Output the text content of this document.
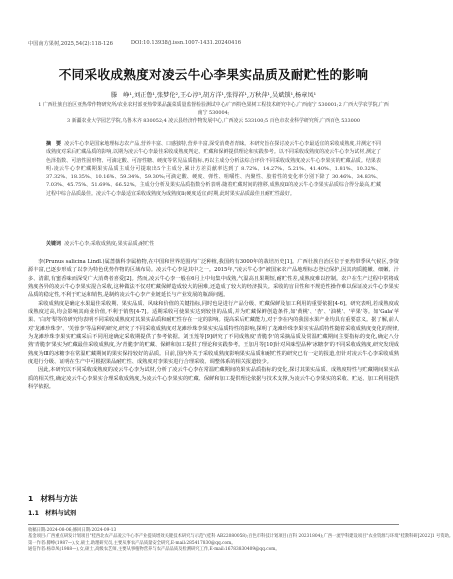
中国南方果树,2025,54(2):118-126	DOI:10.13938/j.issn.1007-1431.20240416
不同采收成熟度对凌云牛心李果实品质及耐贮性的影响
滕　峥¹,刘正鲁¹,张梦伦²,王心淳³,胡方洋¹,张得祥¹,万秋萍¹,吴斌锁¹,杨章凤¹
1 广西壮族自治区亚热带作物研究所/农业农村部亚热带果品蔬菜质量监督检验测试中心/广西特色果树工程技术研究中心,广西南宁 530001;2 广西大学农学院,广西南宁 530004;
3 新疆农业大学园艺学院,乌鲁木齐 830052;4 凌云县经济作物发展中心,广西凌云 533100;5 百色市农业科学研究所,广西百色 533000
摘　要 凌云牛心李是国家地理标志农产品,营养丰富、口感独特,营养丰富,深受消费者青睐。本研究旨在探讨凌云牛心李最适宜的采收成熟度,并测定不同成熟度对采后贮藏品质的影响,以期为凌云牛心李最佳采收成熟度判定、贮藏和保鲜提供理论和实践参考。以不同采收成熟度的凌云牛心李为试材,测定了色泽指数、可溶性固形物、可滴定酸、可溶性糖、硬度等常见品质指标,再以主成分分析法综合评价不同采收成熟度凌云牛心李果实的贮藏品质。结果表明:凌云牛心李贮藏期果实品质主成分可提取出5个主成分,累计方差贡献率达到了 8.72%、14.27%、5.21%、41.40%、1.81%、10.32%、37.32%、18.35%、10.16%、59.34%、59.30%;可滴定酸、硬度、弹性、咀嚼性、内聚性、胶着性的变化率分别下降了 30.46%、34.83%、7.03%、45.75%、51.69%、66.52%。主成分分析及果实品质指数分析表明:随着贮藏时间的推移,成熟度Ⅱ的凌云牛心李果实品质综合得分最高,贮藏过程中综合品质最佳。凌云牛心李最适宜采收成熟度为成熟度Ⅱ(硬度适宜)时期,此时果实品质最佳且耐贮性最好。
关键词 凌云牛心李;采收成熟度;果实品质;耐贮性

李(Prunus salicina Lindl.)属蔷薇科李属植物,在中国和世界范围内广泛种植,我国约有3000年的栽培历史[1]。广西壮族自治区位于亚热带季风气候区,李资源丰富,已逐步形成了以李为特色优势作物的区域布局。凌云牛心李是其中之一。2015年,"凌云牛心李"被国家农产品地理标志登记保护,因其肉质脆嫩、细嫩、汁多、清甜,有蜜香味而深受广大消费者喜爱[2]。然而,凌云牛心李一般在6月上中旬集中成熟,气温高且果期短,耐贮性差,成熟度难以控制。农户在生产过程中常将成熟度各异的凌云牛心李果实混合采收,这种做法不仅对贮藏保鲜造成较大的困难,还造成了较大的经济损失。采收的盲目性和不规范性操作难以保证凌云牛心李果实品质的稳定性,不利于贮运和销售,是制约凌云牛心李产业链延长与产业发展的瓶颈问题。

采收成熟度是确定水果最佳采收期、果实品质、风味和价值的关键指标,同时也是进行产品分级、贮藏保鲜及加工利用的重要依据[4-6]。研究表明,若成熟度或成熟度过高,均会影响其商业价值,不利于销售[4-7]。适期采收可使果实达到较佳的品质,并为贮藏保鲜创造条件,如'黄桃'、'杏'、'油桃'、'苹果'等。如'Gala'苹果、'白肉'梨等的研究均表明不同采收成熟度对其果实品质和耐贮性存在一定的影响。提高采后贮藏能力,对于李在内的我国水果产业均具有重要意义。据了解,前人对'龙滩珍珠李'、'芙蓉李'等品种的研究,研究了不同采收成熟度对龙滩珍珠李果实实品质特性的影响,探明了龙滩珍珠李果实实品质特性随着采收成熟度变化的规律,为龙滩珍珠李果实贮藏采后不同用途确定采收期提供了参考依据。刘玉莲等[9]研究了不同成熟度'青脆李'的采摘品质及常温贮藏期间主要指标的变化,确定八分熟'青脆李'果实为贮藏最佳采收成熟度,为'青脆李'的贮藏、保鲜和加工提供了理论和实践参考。王加月等[10]针对风味型品种'冰糖李'的不同采收成熟度,研究发现成熟度为Ⅲ的冰糖李在常温贮藏期间的果实保持较好的品质。目前,国内外关于采收成熟度影响果实品质和耐贮性的研究已有一定的报道,但针对凌云牛心李采收成熟度进行分级、证明在生产中可根据果品耐贮性、成熟度对李果实进行合理采收、调整体系的相关报道较少。

因此,本研究以不同采收成熟度的凌云牛心李为试材,分析了凌云牛心李在常温贮藏期间的果实品质指标的变化,探讨其果实品质、成熟度特性与贮藏期间果实品质的相关性,确定凌云牛心李果实合理采收成熟度,为凌云牛心李果实的贮藏、保鲜和加工提供理论依据与技术支撑,为凌云牛心李果实的采收、贮运、加工利用提供科学依据。

1　材料与方法
1.1　材料与试剂
收稿日期:2024-08-06;修回日期:2024-09-13
基金项目:广西重点研发计划项目"桂西北农产品凌云牛心李产业提质增效关键技术研究与示范"(桂科 AB22080058);百色市科技计划项目(百科 20231804);广西一流学科建设项目"农业资源与环境"桂教科研[2022]1 号资助。
第一作者:滕峥(1987—),女,硕士,助理研究员,主要从事农产品质量安全研究,E-mail:285417830@qq.com。
通信作者:杨章凤(1988—),女,硕士,高级农艺师,主要从事植物营养与农产品品质及检测研究工作,E-mail:16783830409@qq.com。
